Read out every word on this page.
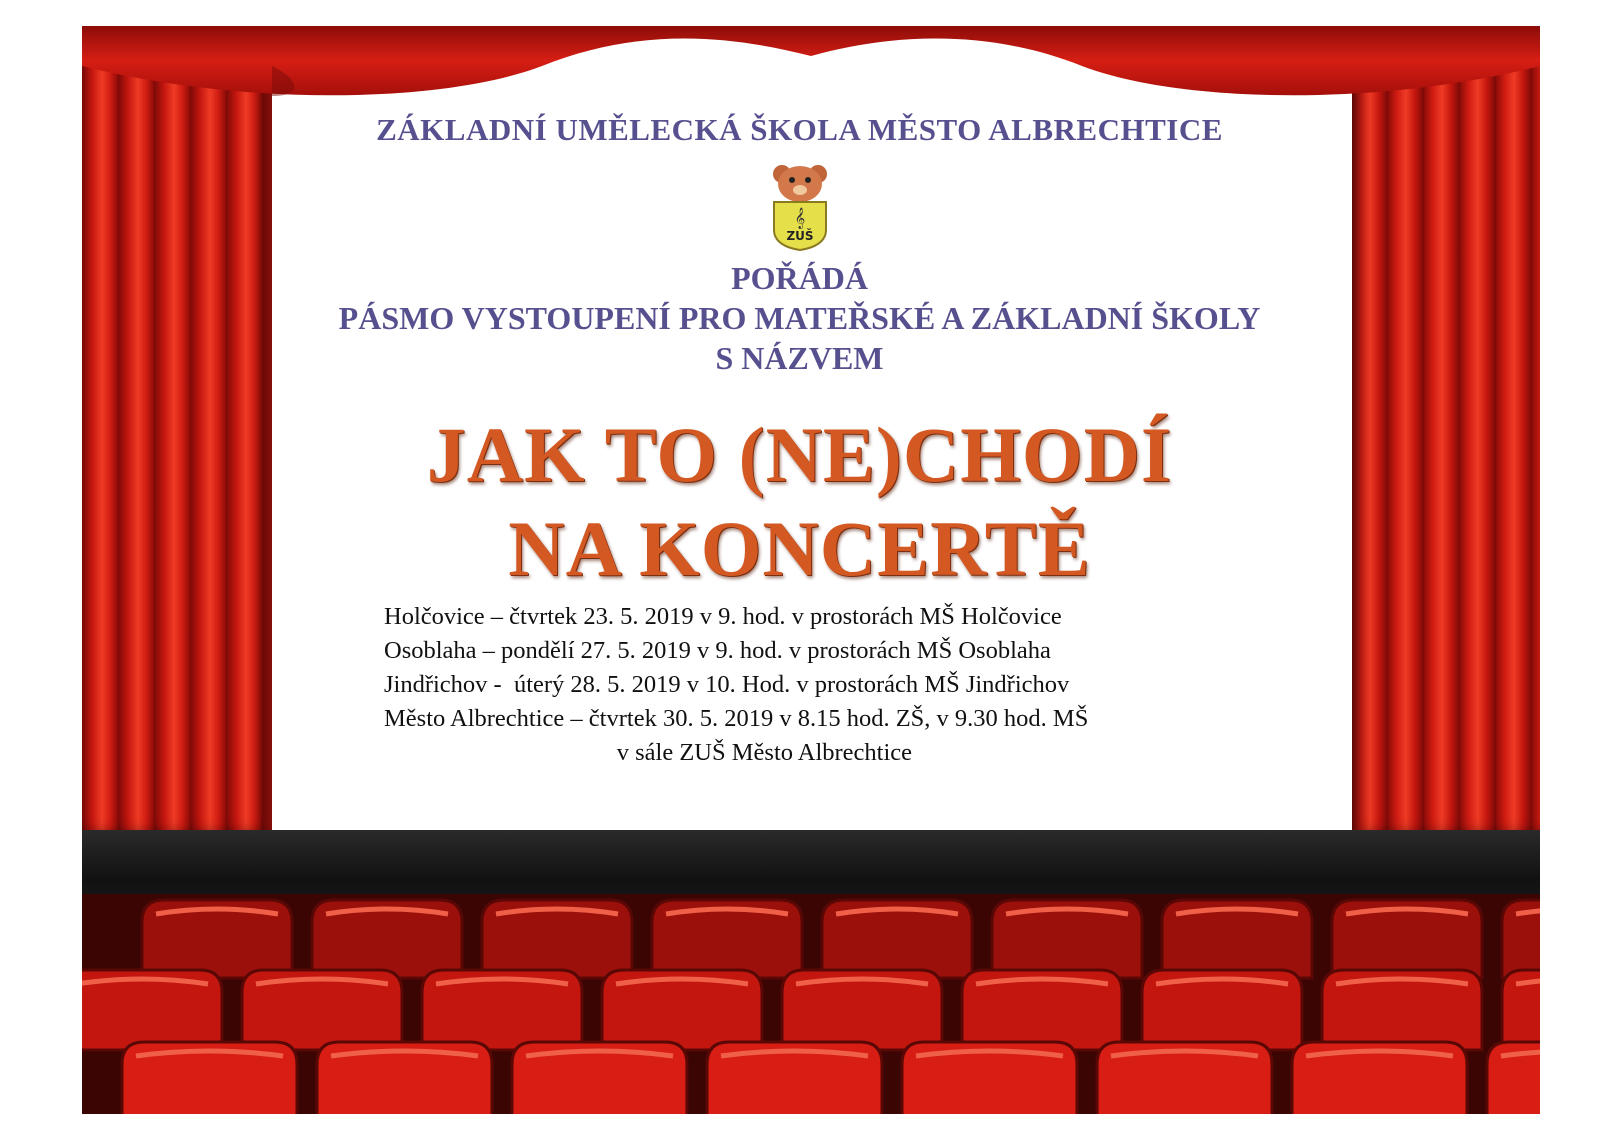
ZÁKLADNÍ UMĚLECKÁ ŠKOLA MĚSTO ALBRECHTICE

ZUŠ
𝄞
POŘÁDÁ
PÁSMO VYSTOUPENÍ PRO MATEŘSKÉ A ZÁKLADNÍ ŠKOLY
S NÁZVEM
JAK TO (NE)CHODÍ
NA KONCERTĚ
Holčovice – čtvrtek 23. 5. 2019 v 9. hod. v prostorách MŠ Holčovice
Osoblaha – pondělí 27. 5. 2019 v 9. hod. v prostorách MŠ Osoblaha
Jindřichov -  úterý 28. 5. 2019 v 10. Hod. v prostorách MŠ Jindřichov
Město Albrechtice – čtvrtek 30. 5. 2019 v 8.15 hod. ZŠ, v 9.30 hod. MŠ
v sále ZUŠ Město Albrechtice
